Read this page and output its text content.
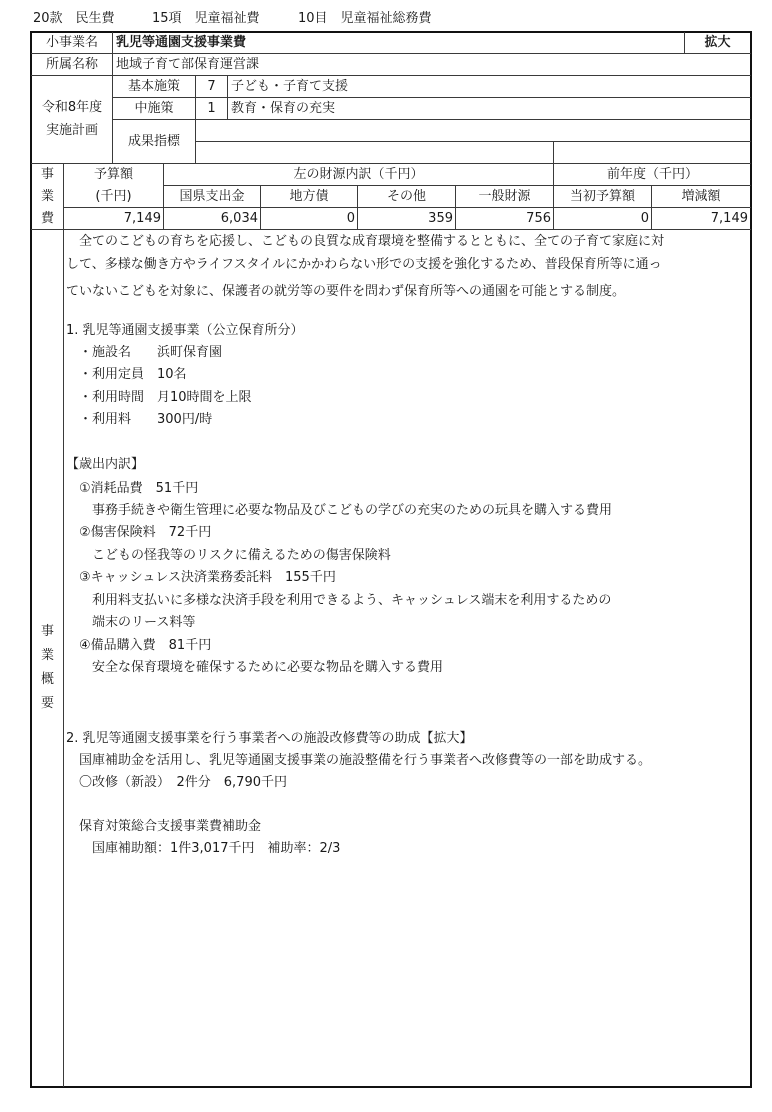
20款　民生費	15項　児童福祉費	10目　児童福祉総務費
小事業名	乳児等通園支援事業費	拡大
所属名称	地域子育て部保育運営課
令和8年度
実施計画
基本施策	7	子ども・子育て支援
中施策	1	教育・保育の充実
成果指標
事
業
費
予算額
(千円)
左の財源内訳（千円）	前年度（千円）
国県支出金	地方債	その他	一般財源	当初予算額	増減額
7,149	6,034	0	359	756	0	7,149
事
業
概
要
　全てのこどもの育ちを応援し、こどもの良質な成育環境を整備するとともに、全ての子育て家庭に対
して、多様な働き方やライフスタイルにかかわらない形での支援を強化するため、普段保育所等に通っ
ていないこどもを対象に、保護者の就労等の要件を問わず保育所等への通園を可能とする制度。
1. 乳児等通園支援事業（公立保育所分）
　・施設名　　浜町保育園
　・利用定員　10名
　・利用時間　月10時間を上限
　・利用料　　300円/時
【歳出内訳】
　①消耗品費　51千円
　　事務手続きや衛生管理に必要な物品及びこどもの学びの充実のための玩具を購入する費用
　②傷害保険料　72千円
　　こどもの怪我等のリスクに備えるための傷害保険料
　③キャッシュレス決済業務委託料　155千円
　　利用料支払いに多様な決済手段を利用できるよう、キャッシュレス端末を利用するための
　　端末のリース料等
　④備品購入費　81千円
　　安全な保育環境を確保するために必要な物品を購入する費用
2. 乳児等通園支援事業を行う事業者への施設改修費等の助成【拡大】
　国庫補助金を活用し、乳児等通園支援事業の施設整備を行う事業者へ改修費等の一部を助成する。
　〇改修（新設）　2件分　6,790千円
　保育対策総合支援事業費補助金
　　国庫補助額：1件3,017千円　補助率：2/3
